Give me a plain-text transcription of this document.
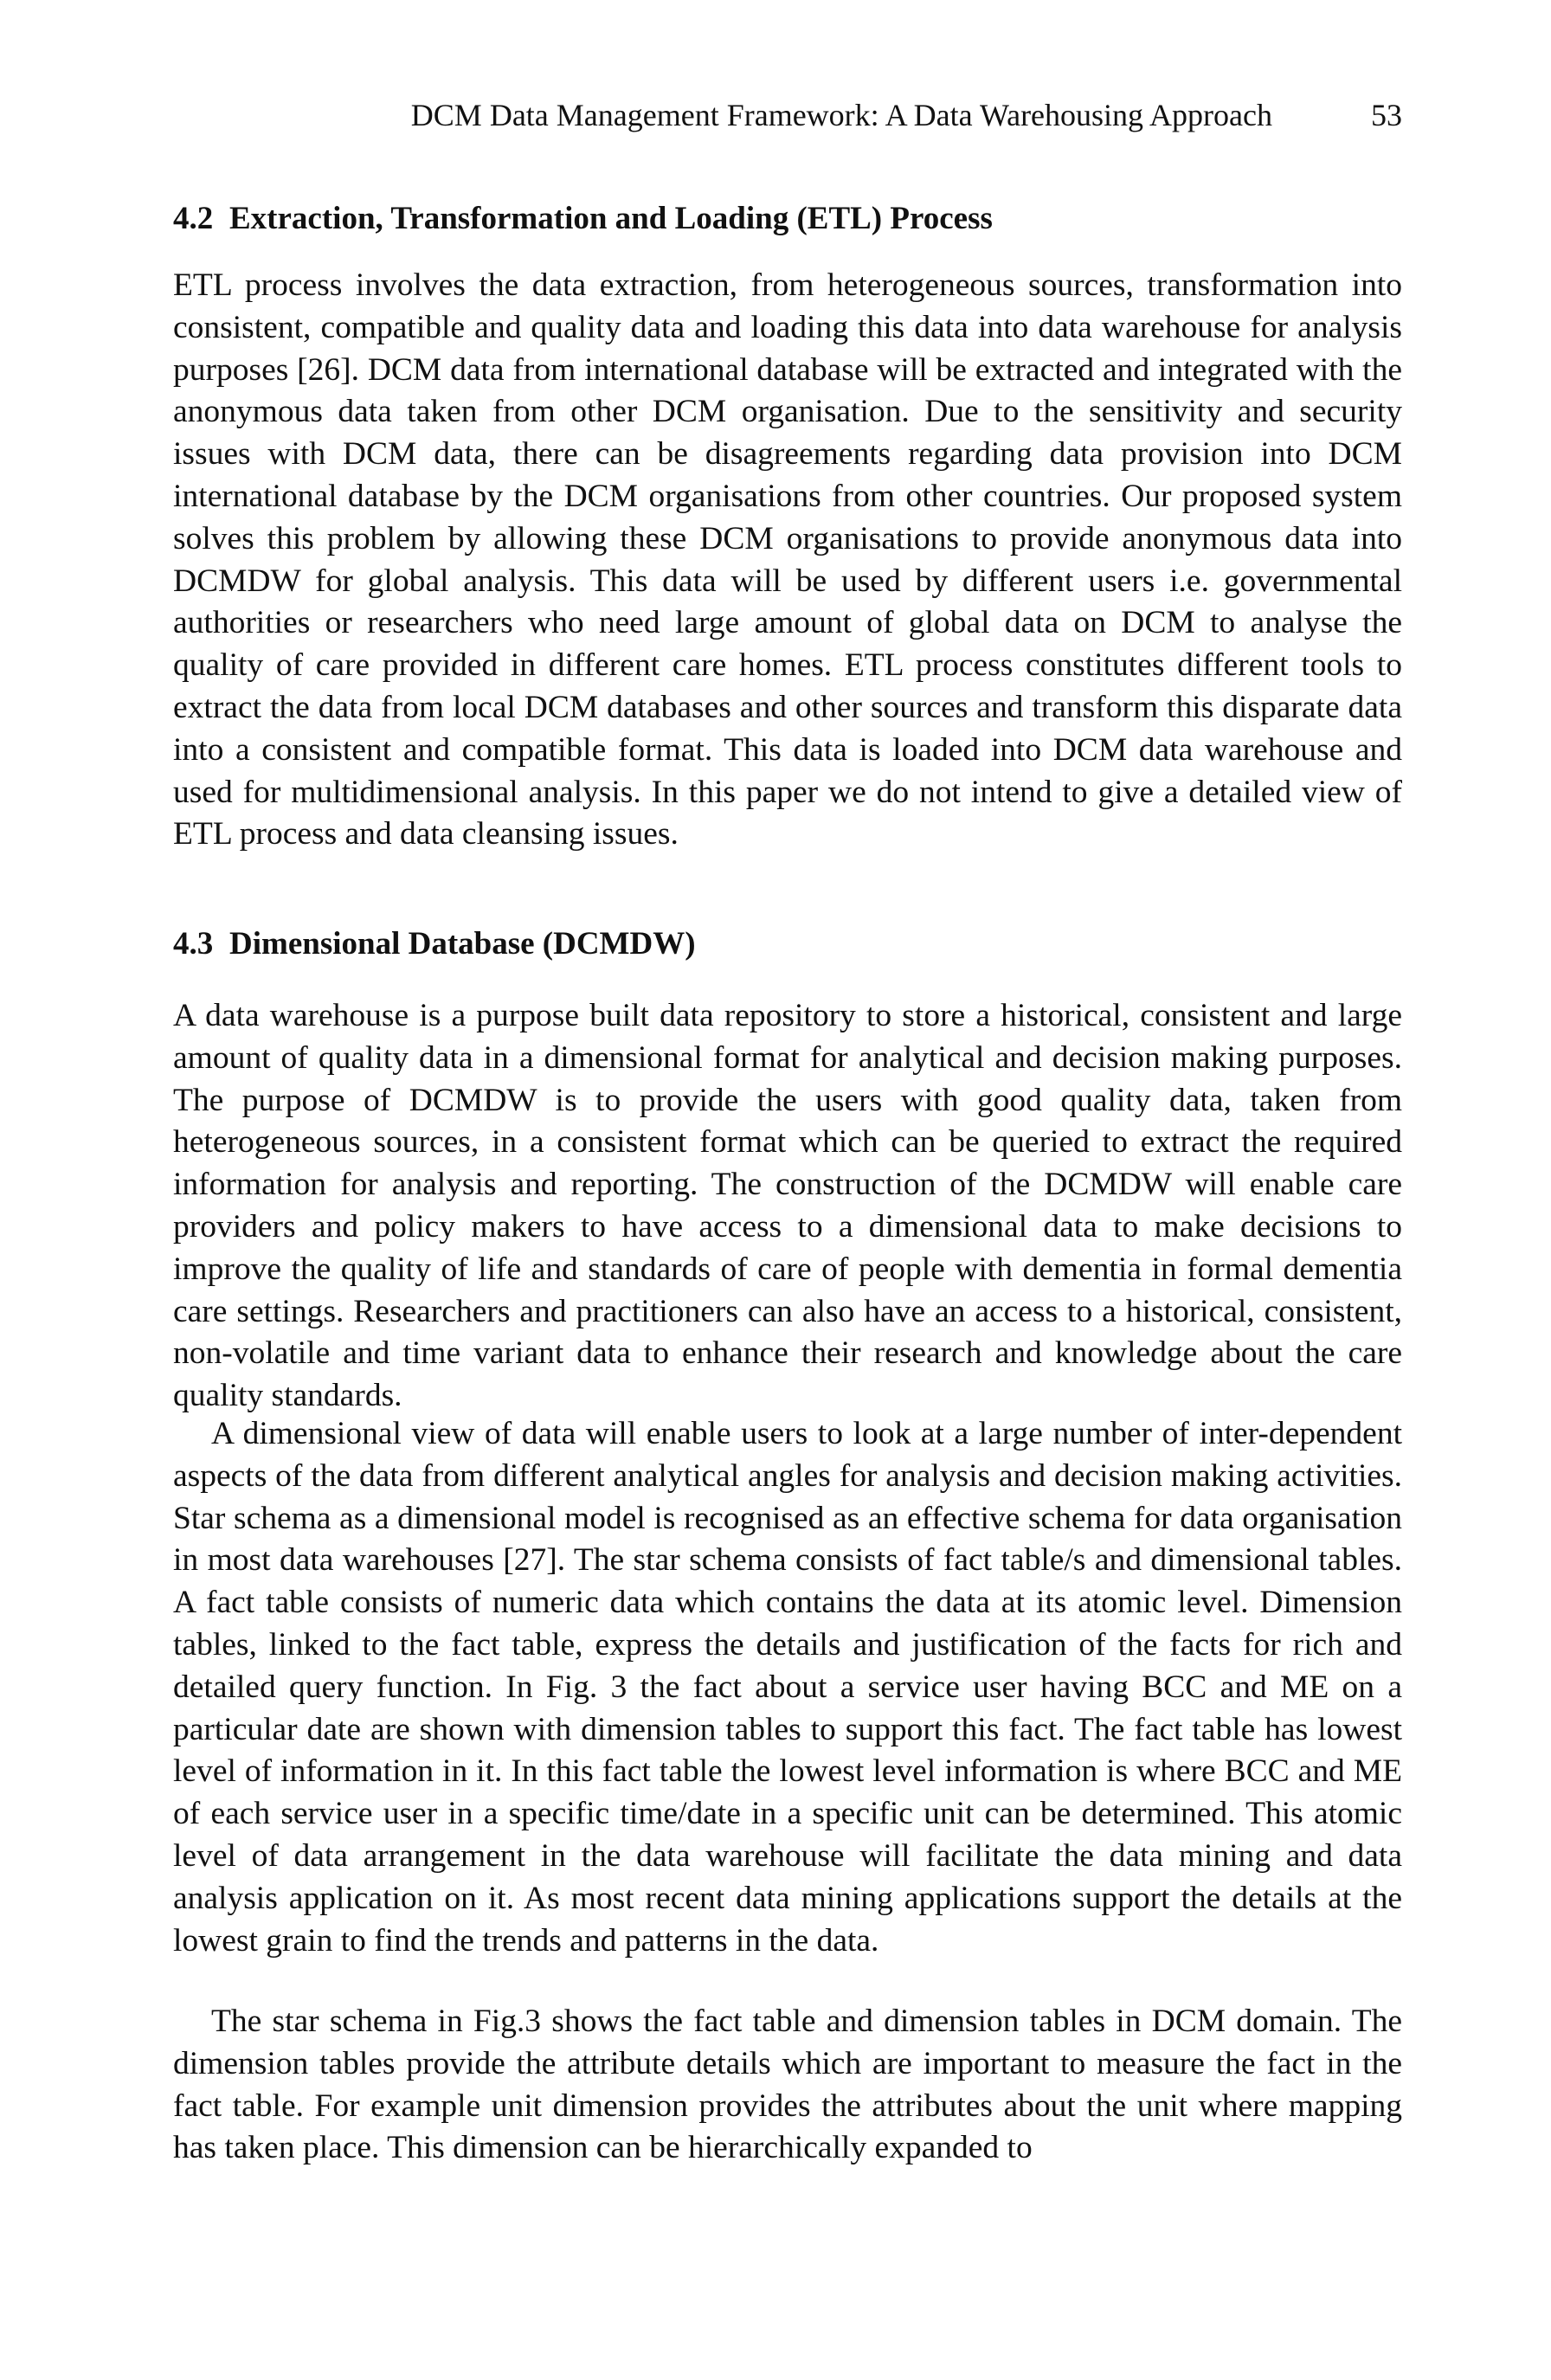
DCM Data Management Framework: A Data Warehousing Approach	53
4.2 Extraction, Transformation and Loading (ETL) Process

ETL process involves the data extraction, from heterogeneous sources, transformation into consistent, compatible and quality data and loading this data into data warehouse for analysis purposes [26]. DCM data from international database will be extracted and integrated with the anonymous data taken from other DCM organisation. Due to the sensitivity and security issues with DCM data, there can be disagreements regarding data provision into DCM international database by the DCM organisations from other countries. Our proposed system solves this problem by allowing these DCM organisations to provide anonymous data into DCMDW for global analysis. This data will be used by different users i.e. governmental authorities or researchers who need large amount of global data on DCM to analyse the quality of care provided in different care homes. ETL process constitutes different tools to extract the data from local DCM databases and other sources and transform this disparate data into a consistent and compatible format. This data is loaded into DCM data warehouse and used for multidimensional analysis. In this paper we do not intend to give a detailed view of ETL process and data cleansing issues.

4.3 Dimensional Database (DCMDW)

A data warehouse is a purpose built data repository to store a historical, consistent and large amount of quality data in a dimensional format for analytical and decision making purposes. The purpose of DCMDW is to provide the users with good quality data, taken from heterogeneous sources, in a consistent format which can be queried to extract the required information for analysis and reporting. The construction of the DCMDW will enable care providers and policy makers to have access to a dimensional data to make decisions to improve the quality of life and standards of care of people with dementia in formal dementia care settings. Researchers and practitioners can also have an access to a historical, consistent, non-volatile and time variant data to enhance their research and knowledge about the care quality standards.

A dimensional view of data will enable users to look at a large number of inter-dependent aspects of the data from different analytical angles for analysis and decision making activities. Star schema as a dimensional model is recognised as an effective schema for data organisation in most data warehouses [27]. The star schema consists of fact table/s and dimensional tables. A fact table consists of numeric data which contains the data at its atomic level. Dimension tables, linked to the fact table, express the details and justification of the facts for rich and detailed query function. In Fig. 3 the fact about a service user having BCC and ME on a particular date are shown with dimension tables to support this fact. The fact table has lowest level of information in it. In this fact table the lowest level information is where BCC and ME of each service user in a specific time/date in a specific unit can be determined. This atomic level of data arrangement in the data warehouse will facilitate the data mining and data analysis application on it. As most recent data mining applications support the details at the lowest grain to find the trends and patterns in the data.

The star schema in Fig.3 shows the fact table and dimension tables in DCM domain. The dimension tables provide the attribute details which are important to measure the fact in the fact table. For example unit dimension provides the attributes about the unit where mapping has taken place. This dimension can be hierarchically expanded to
